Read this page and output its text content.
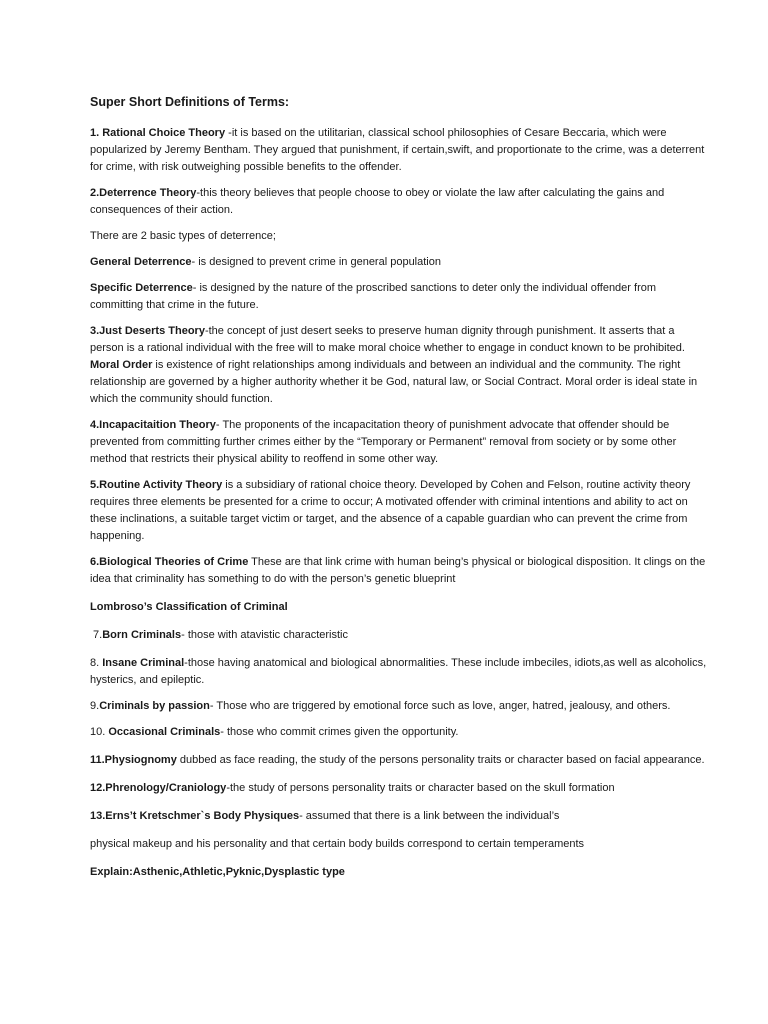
Super Short Definitions of Terms:

1. Rational Choice Theory -it is based on the utilitarian, classical school philosophies of Cesare Beccaria, which were popularized by Jeremy Bentham. They argued that punishment, if certain,swift, and proportionate to the crime, was a deterrent for crime, with risk outweighing possible benefits to the offender.

2.Deterrence Theory-this theory believes that people choose to obey or violate the law after calculating the gains and consequences of their action.

There are 2 basic types of deterrence;

General Deterrence- is designed to prevent crime in general population

Specific Deterrence- is designed by the nature of the proscribed sanctions to deter only the individual offender from committing that crime in the future.

3.Just Deserts Theory-the concept of just desert seeks to preserve human dignity through punishment. It asserts that a person is a rational individual with the free will to make moral choice whether to engage in conduct known to be prohibited. Moral Order is existence of right relationships among individuals and between an individual and the community. The right relationship are governed by a higher authority whether it be God, natural law, or Social Contract. Moral order is ideal state in which the community should function.

4.Incapacitaition Theory- The proponents of the incapacitation theory of punishment advocate that offender should be prevented from committing further crimes either by the “Temporary or Permanent” removal from society or by some other method that restricts their physical ability to reoffend in some other way.

5.Routine Activity Theory is a subsidiary of rational choice theory. Developed by Cohen and Felson, routine activity theory requires three elements be presented for a crime to occur; A motivated offender with criminal intentions and ability to act on these inclinations, a suitable target victim or target, and the absence of a capable guardian who can prevent the crime from happening.

6.Biological Theories of Crime These are that link crime with human being’s physical or biological disposition. It clings on the idea that criminality has something to do with the person’s genetic blueprint

Lombroso’s Classification of Criminal

7.Born Criminals- those with atavistic characteristic

8. Insane Criminal-those having anatomical and biological abnormalities. These include imbeciles, idiots,as well as alcoholics, hysterics, and epileptic.

9.Criminals by passion- Those who are triggered by emotional force such as love, anger, hatred, jealousy, and others.

10. Occasional Criminals- those who commit crimes given the opportunity.

11.Physiognomy dubbed as face reading, the study of the persons personality traits or character based on facial appearance.

12.Phrenology/Craniology-the study of persons personality traits or character based on the skull formation

13.Erns’t Kretschmer`s Body Physiques- assumed that there is a link between the individual’s

physical makeup and his personality and that certain body builds correspond to certain temperaments

Explain:Asthenic,Athletic,Pyknic,Dysplastic type
